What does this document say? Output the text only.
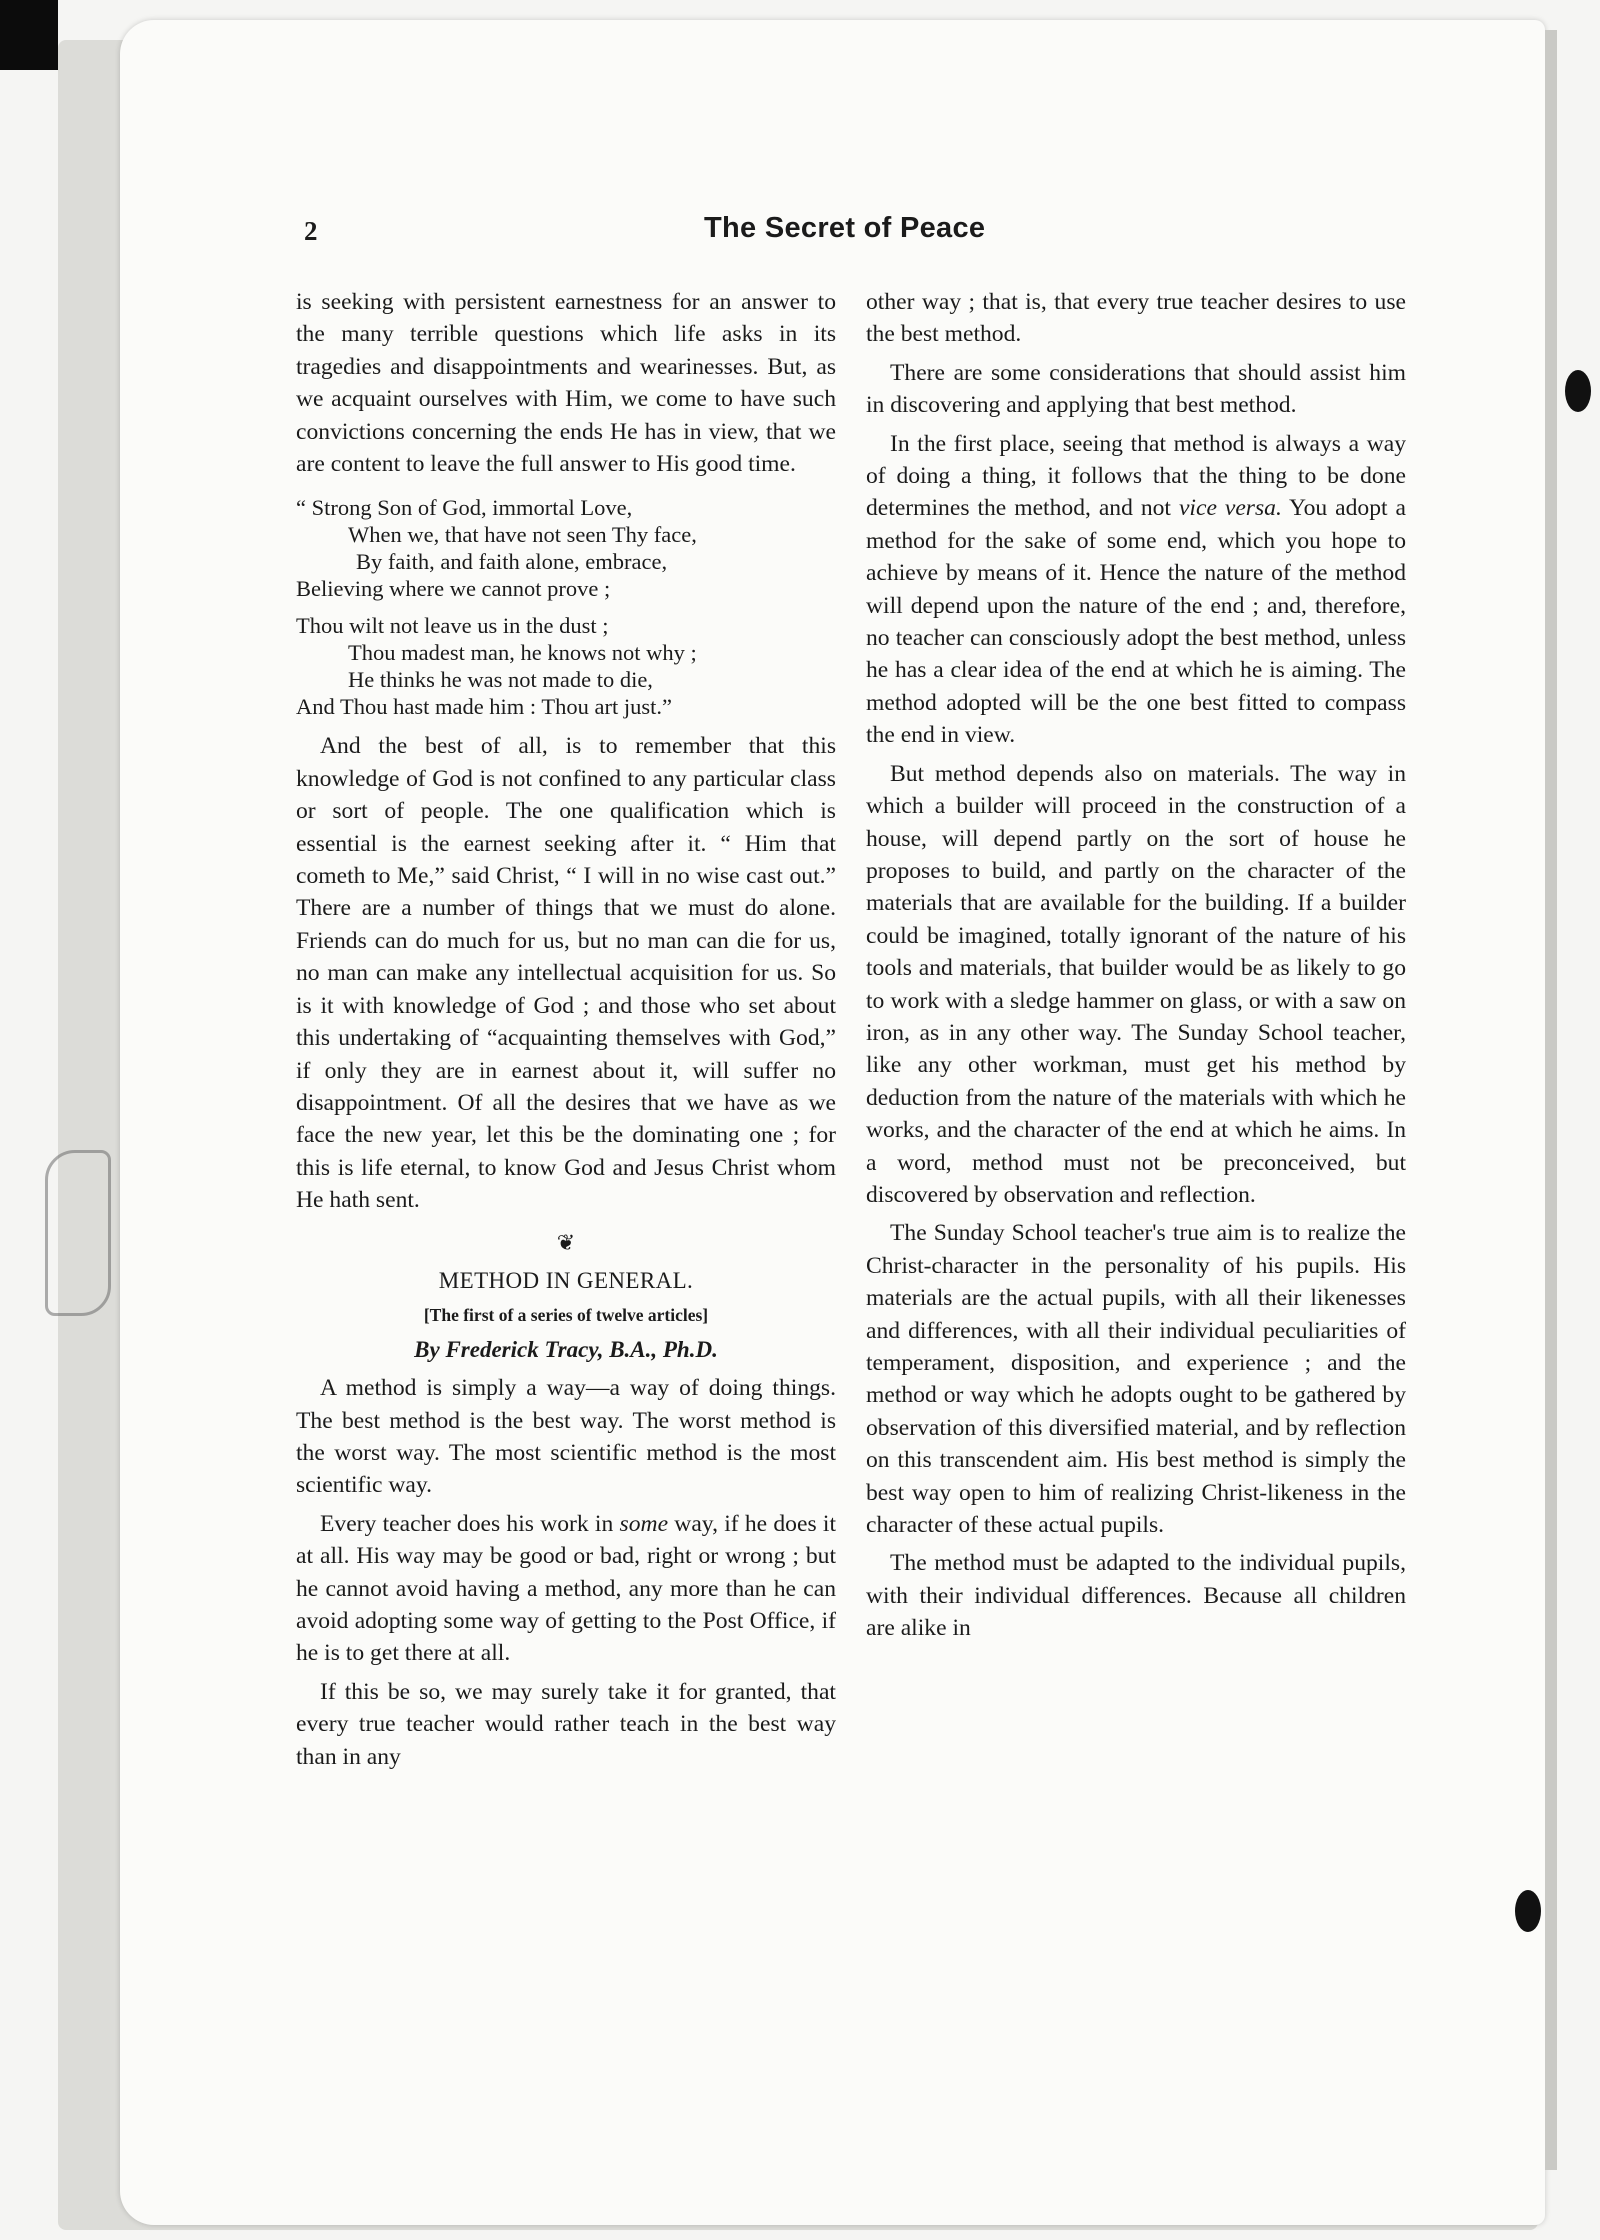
2	The Secret of Peace

is seeking with persistent earnestness for an answer to the many terrible questions which life asks in its tragedies and disappointments and wearinesses. But, as we acquaint ourselves with Him, we come to have such convictions concerning the ends He has in view, that we are content to leave the full answer to His good time.

“ Strong Son of God, immortal Love,
When we, that have not seen Thy face,
By faith, and faith alone, embrace,
Believing where we cannot prove ;
Thou wilt not leave us in the dust ;
Thou madest man, he knows not why ;
He thinks he was not made to die,
And Thou hast made him : Thou art just.”

And the best of all, is to remember that this knowledge of God is not confined to any particular class or sort of people. The one qualification which is essential is the earnest seeking after it. “ Him that cometh to Me,” said Christ, “ I will in no wise cast out.” There are a number of things that we must do alone. Friends can do much for us, but no man can die for us, no man can make any intellectual acquisition for us. So is it with knowledge of God ; and those who set about this undertaking of “acquainting themselves with God,” if only they are in earnest about it, will suffer no disappointment. Of all the desires that we have as we face the new year, let this be the dominating one ; for this is life eternal, to know God and Jesus Christ whom He hath sent.

❦
METHOD IN GENERAL.
[The first of a series of twelve articles]
By Frederick Tracy, B.A., Ph.D.

A method is simply a way—a way of doing things. The best method is the best way. The worst method is the worst way. The most scientific method is the most scientific way.

Every teacher does his work in some way, if he does it at all. His way may be good or bad, right or wrong ; but he cannot avoid having a method, any more than he can avoid adopting some way of getting to the Post Office, if he is to get there at all.

If this be so, we may surely take it for granted, that every true teacher would rather teach in the best way than in any

other way ; that is, that every true teacher desires to use the best method.

There are some considerations that should assist him in discovering and applying that best method.

In the first place, seeing that method is always a way of doing a thing, it follows that the thing to be done determines the method, and not vice versa. You adopt a method for the sake of some end, which you hope to achieve by means of it. Hence the nature of the method will depend upon the nature of the end ; and, therefore, no teacher can consciously adopt the best method, unless he has a clear idea of the end at which he is aiming. The method adopted will be the one best fitted to compass the end in view.

But method depends also on materials. The way in which a builder will proceed in the construction of a house, will depend partly on the sort of house he proposes to build, and partly on the character of the materials that are available for the building. If a builder could be imagined, totally ignorant of the nature of his tools and materials, that builder would be as likely to go to work with a sledge hammer on glass, or with a saw on iron, as in any other way. The Sunday School teacher, like any other workman, must get his method by deduction from the nature of the materials with which he works, and the character of the end at which he aims. In a word, method must not be preconceived, but discovered by observation and reflection.

The Sunday School teacher's true aim is to realize the Christ-character in the personality of his pupils. His materials are the actual pupils, with all their likenesses and differences, with all their individual peculiarities of temperament, disposition, and experience ; and the method or way which he adopts ought to be gathered by observation of this diversified material, and by reflection on this transcendent aim. His best method is simply the best way open to him of realizing Christ-likeness in the character of these actual pupils.

The method must be adapted to the individual pupils, with their individual differences. Because all children are alike in
